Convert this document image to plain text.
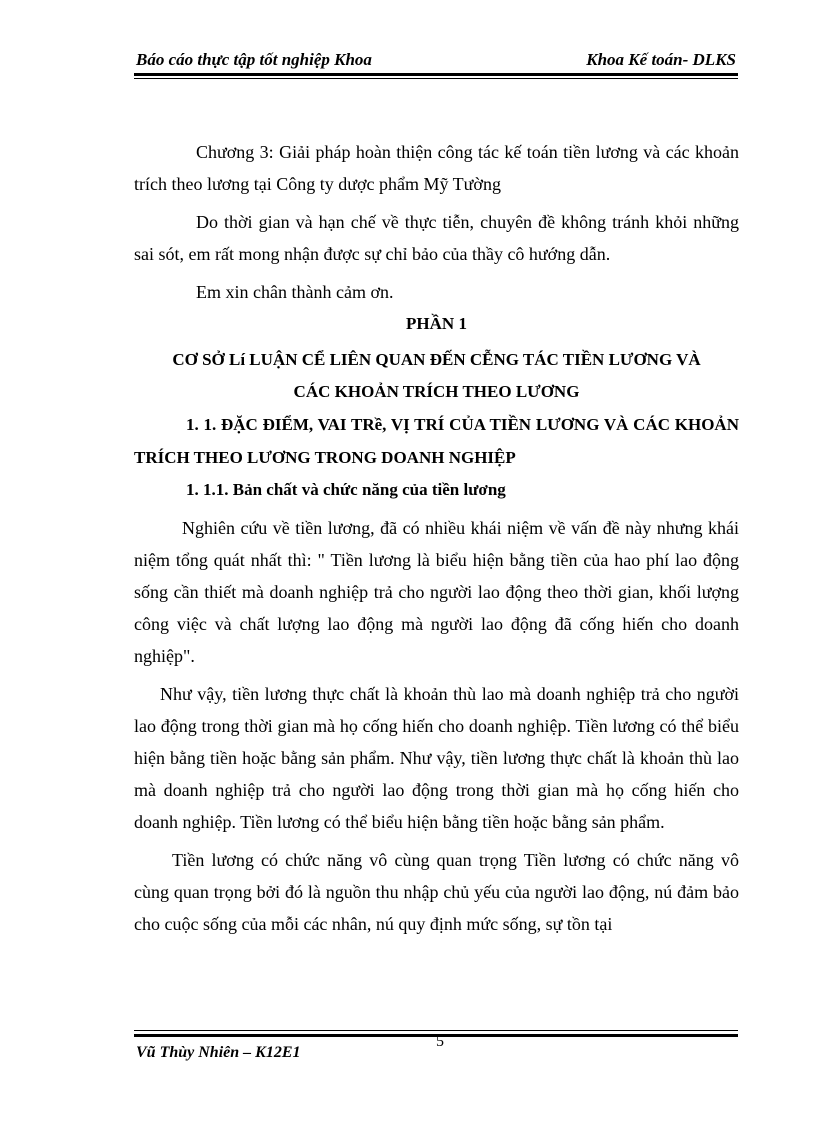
Báo cáo thực tập tốt nghiệp Khoa	Khoa Kế toán- DLKS

Chương 3: Giải pháp hoàn thiện công tác kế toán tiền lương và các khoản trích theo lương tại Công ty dược phẩm Mỹ Tường

Do thời gian và hạn chế về thực tiễn, chuyên đề không tránh khỏi những sai sót, em rất mong nhận được sự chỉ bảo của thầy cô hướng dẫn.

Em xin chân thành cảm ơn.

PHẦN 1

CƠ SỞ Lí LUẬN CỂ LIÊN QUAN ĐẾN CỄNG TÁC TIỀN LƯƠNG VÀ

CÁC KHOẢN TRÍCH THEO LƯƠNG

1. 1. ĐẶC ĐIỂM, VAI TRề, VỊ TRÍ CỦA TIỀN LƯƠNG VÀ CÁC KHOẢN TRÍCH THEO LƯƠNG TRONG DOANH NGHIỆP

1. 1.1. Bản chất và chức năng của tiền lương

Nghiên cứu về tiền lương, đã có nhiều khái niệm về vấn đề này nhưng khái niệm tổng quát nhất thì: " Tiền lương là biểu hiện bằng tiền của hao phí lao động sống cần thiết mà doanh nghiệp trả cho người lao động theo thời gian, khối lượng công việc và chất lượng lao động mà người lao động đã cống hiến cho doanh nghiệp".

Như vậy, tiền lương thực chất là khoản thù lao mà doanh nghiệp trả cho người lao động trong thời gian mà họ cống hiến cho doanh nghiệp. Tiền lương có thể biểu hiện bằng tiền hoặc bằng sản phẩm. Như vậy, tiền lương thực chất là khoản thù lao mà doanh nghiệp trả cho người lao động trong thời gian mà họ cống hiến cho doanh nghiệp. Tiền lương có thể biểu hiện bằng tiền hoặc bằng sản phẩm.

Tiền lương có chức năng vô cùng quan trọng Tiền lương có chức năng vô cùng quan trọng bởi đó là nguồn thu nhập chủ yếu của người lao động, nú đảm bảo cho cuộc sống của mỗi các nhân, nú quy định mức sống, sự tồn tại

Vũ Thùy Nhiên – K12E1
5
